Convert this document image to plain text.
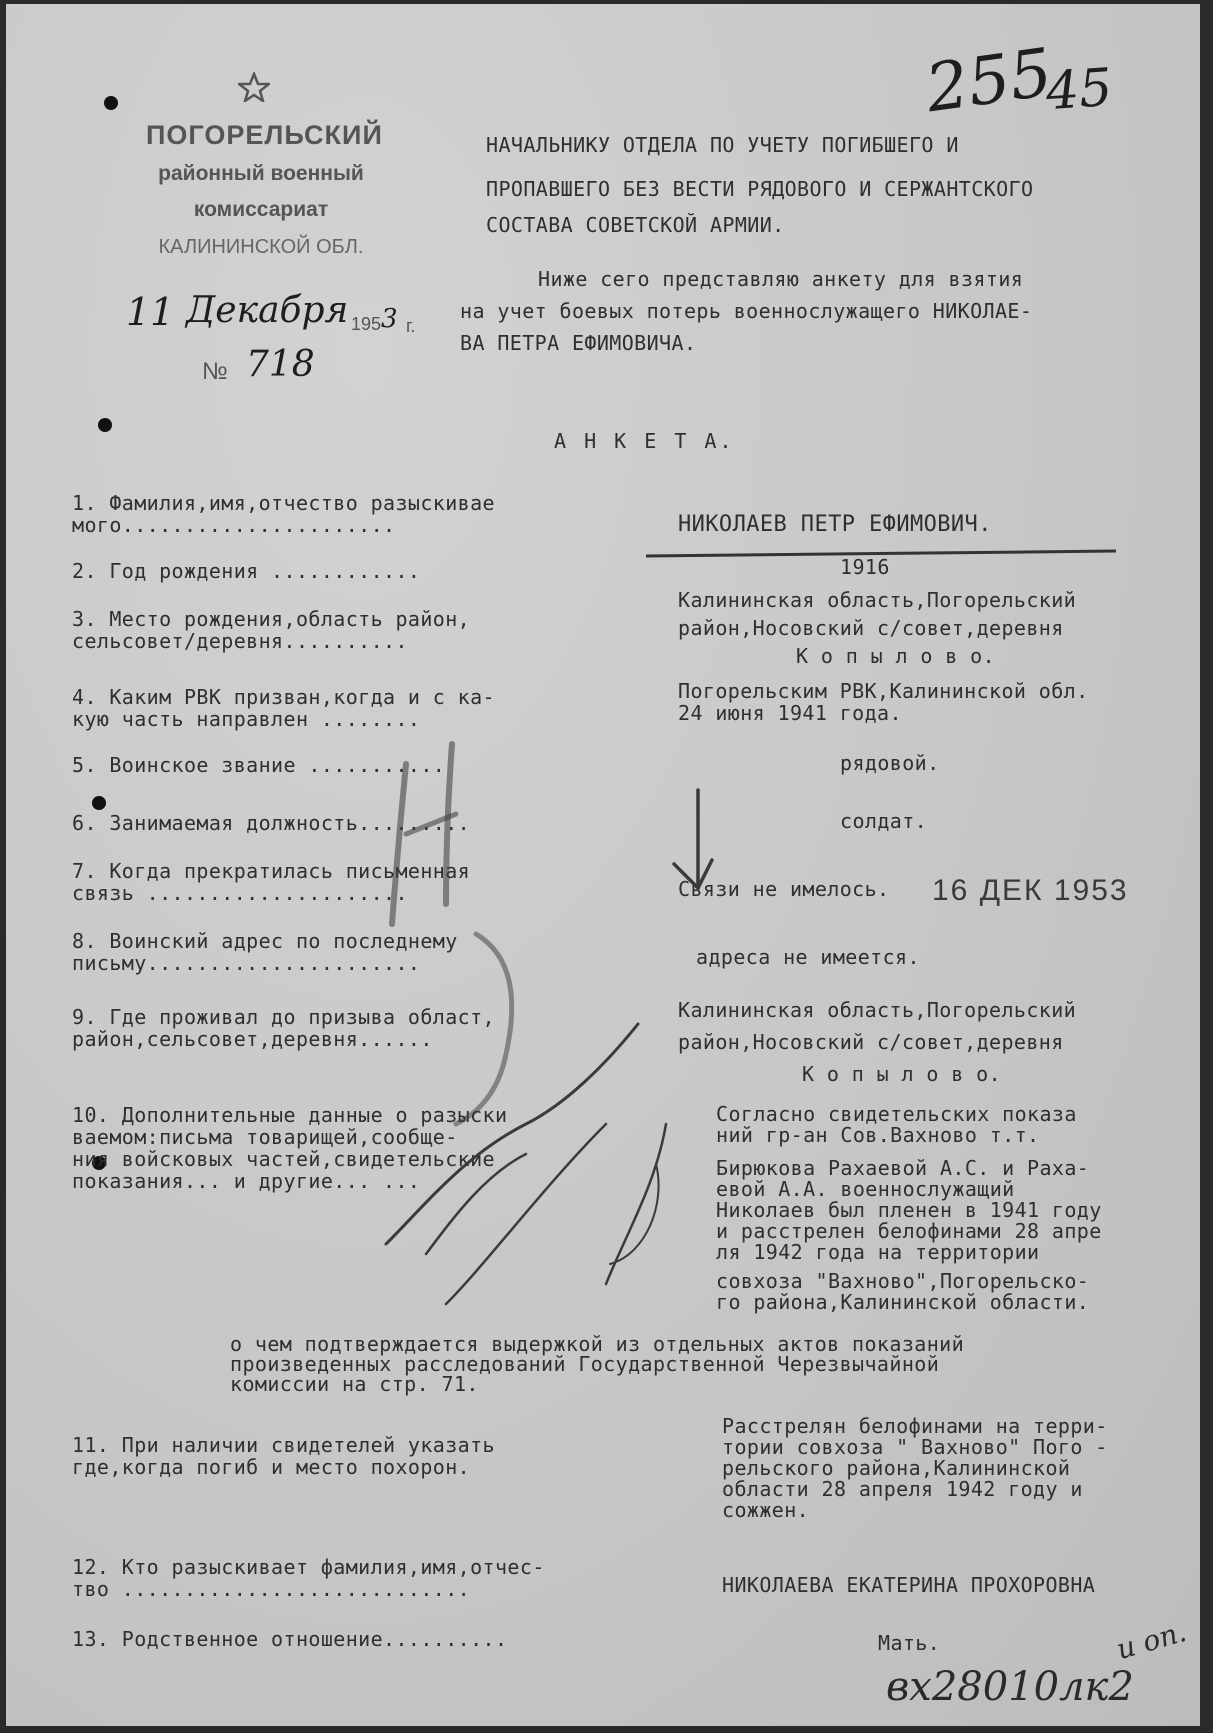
ПОГОРЕЛЬСКИЙ
районный военный
комиссариат
КАЛИНИНСКОЙ ОБЛ.
11 Декабря 195 3 г.
№ 718
255
45
НАЧАЛЬНИКУ ОТДЕЛА ПО УЧЕТУ ПОГИБШЕГО И
ПРОПАВШЕГО БЕЗ ВЕСТИ РЯДОВОГО И СЕРЖАНТСКОГО
СОСТАВА СОВЕТСКОЙ АРМИИ.
Ниже сего представляю анкету для взятия
на учет боевых потерь военнослужащего НИКОЛАЕ-
ВА ПЕТРА ЕФИМОВИЧА.
А Н К Е Т А.
1. Фамилия,имя,отчество разыскивае
мого......................
2. Год рождения ............
3. Место рождения,область район,
сельсовет/деревня..........
4. Каким РВК призван,когда и с ка-
кую часть направлен ........
5. Воинское звание ...........
6. Занимаемая должность.........
7. Когда прекратилась письменная
связь .....................
8. Воинский адрес по последнему
письму......................
9. Где проживал до призыва област,
район,сельсовет,деревня......
10. Дополнительные данные о разыски
ваемом:письма товарищей,сообще-
ния войсковых частей,свидетельские
показания... и другие... ...
11. При наличии свидетелей указать
где,когда погиб и место похорон.
12. Кто разыскивает фамилия,имя,отчес-
тво ............................
13. Родственное отношение..........
НИКОЛАЕВ ПЕТР ЕФИМОВИЧ.
1916
Калининская область,Погорельский
район,Носовский с/совет,деревня
К о п ы л о в о.
Погорельским РВК,Калининской обл.
24 июня 1941 года.
рядовой.
солдат.
Связи не имелось.
адреса не имеется.
Калининская область,Погорельский
район,Носовский с/совет,деревня
К о п ы л о в о.
Согласно свидетельских показа
ний гр-ан Сов.Вахново т.т.
Бирюкова Рахаевой А.С. и Раха-
евой А.А. военнослужащий
Николаев был пленен в 1941 году
и расстрелен белофинами 28 апре
ля 1942 года на территории
совхоза "Вахново",Погорельско-
го района,Калининской области.
о чем подтверждается выдержкой из отдельных актов показаний
произведенных расследований Государственной Черезвычайной
комиссии на стр. 71.
Расстрелян белофинами на терри-
тории совхоза " Вахново" Пого -
рельского района,Калининской
области 28 апреля 1942 году и
сожжен.
НИКОЛАЕВА ЕКАТЕРИНА ПРОХОРОВНА
Мать.
16 ДЕК 1953
вх28010лк2
и оп.
